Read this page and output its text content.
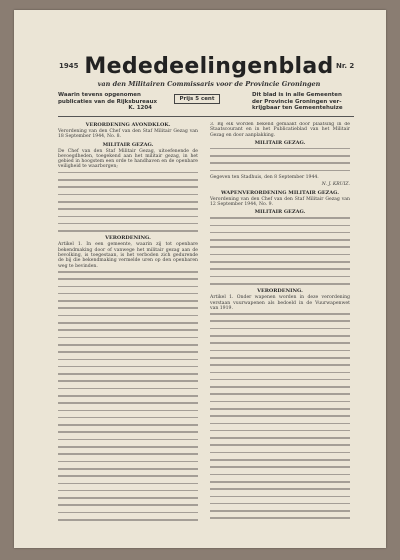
1945 Mededeelingenblad Nr. 2
van den Militairen Commissaris voor de Provincie Groningen
Waarin tevens opgenomen
publicaties van de Rijksbureaux
K. 1204
Prijs 5 cent
Dit blad is in alle Gemeenten
der Provincie Groningen ver-
krijgbaar ten Gemeentehuize
VERORDENING AVONDKLOK.

Verordening van den Chef van den Staf Militair Gezag van 18 September 1944, No. 8.

MILITAIR GEZAG.

De Chef van den Staf Militair Gezag, uitoefenende de bevoegdheden, toegekend aan het militair gezag, in het gebied in hoogstem een orde te handhaven en de openbare veiligheid te waarborgen;

VERORDENING.

Artikel 1. In een gemeente, waarin zij tot openbare bekendmaking door of vanwege het militair gezag aan de bevolking, is toegestaan, is het verboden zich gedurende de bij die bekendmaking vermelde uren op den openbaren weg te bevinden.

3. Bij elk worden bekend gemaakt door plaatsing in de Staatscourant en in het Publicatieblad van het Militair Gezag en door aanplakking.

MILITAIR GEZAG.

Gegeven ten Stadhuis, den 8 September 1944.

N. J. KRUIZ.

WAPENVERORDENING MILITAIR GEZAG.

Verordening van den Chef van den Staf Militair Gezag van 12 September 1944, No. 9.

MILITAIR GEZAG.
VERORDENING.

Artikel 1. Onder wapenen worden in deze verordening verstaan vuurwapenen als bedoeld in de Vuurwapenwet van 1919.
